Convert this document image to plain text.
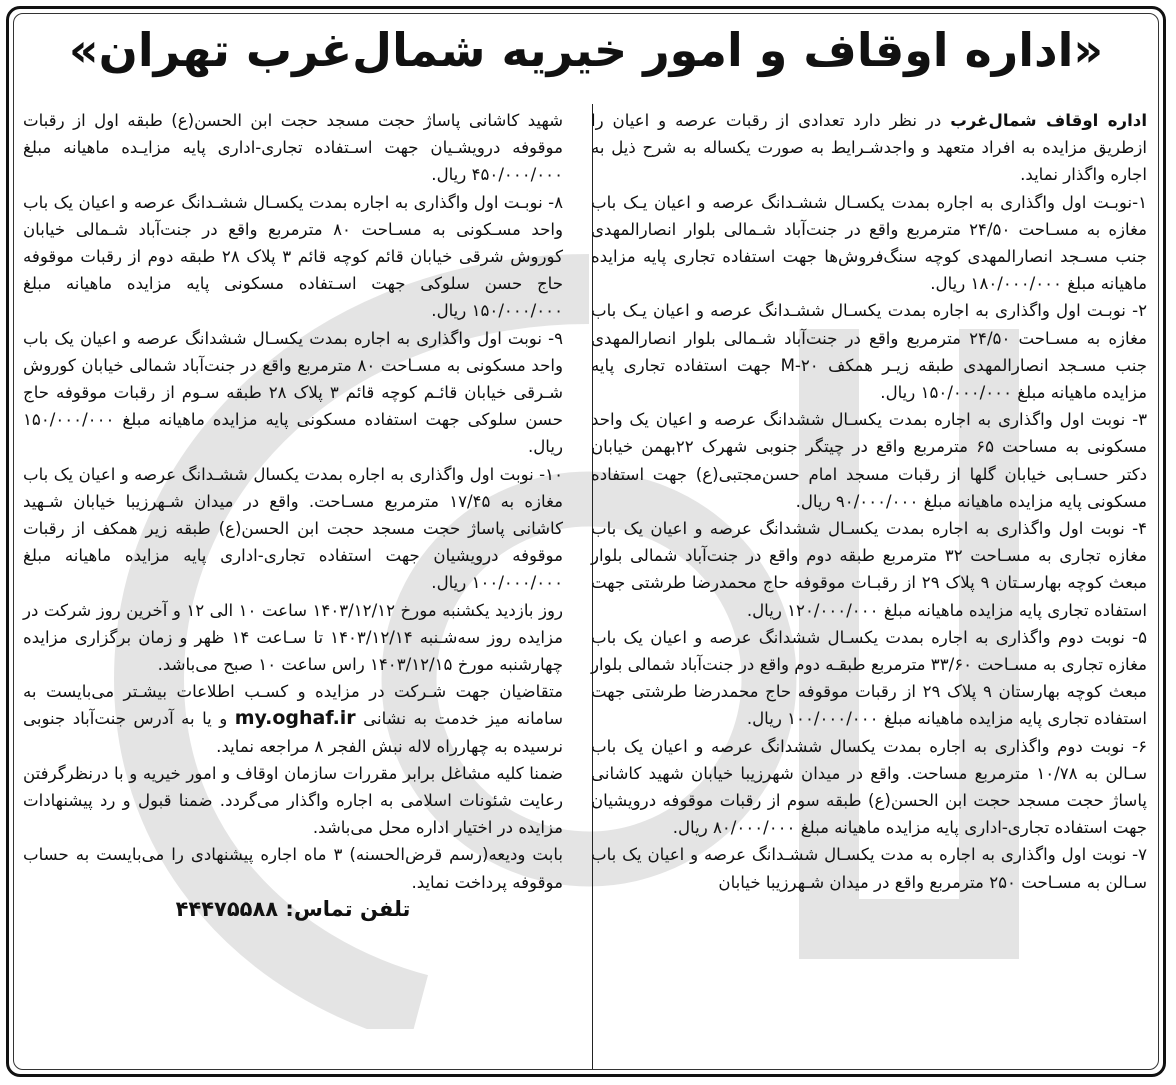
«اداره اوقاف و امور خیریه شمال‌غرب تهران»

اداره اوقاف شمال‌غرب در نظر دارد تعدادی از رقبات عرصه و اعیان را ازطریق مزایده به افراد متعهد و واجدشـرایط به صورت یکساله به شرح ذیل به اجاره واگذار نماید.

۱-نوبـت اول واگذاری به اجاره بمدت یکسـال ششـدانگ عرصه و اعیان یـک باب مغازه به مسـاحت ۲۴/۵۰ مترمربع واقع در جنت‌آباد شـمالی بلوار انصارالمهدی جنب مسـجد انصارالمهدی کوچه سنگ‌فروش‌ها جهت استفاده تجاری پایه مزایده ماهیانه مبلغ ۱۸۰/۰۰۰/۰۰۰ ریال.

۲- نوبـت اول واگذاری به اجاره بمدت یکسـال ششـدانگ عرصه و اعیان یـک باب مغازه به مسـاحت ۲۴/۵۰ مترمربع واقع در جنت‌آباد شـمالی بلوار انصارالمهدی جنب مسـجد انصارالمهدی طبقه زیـر همکف M-۲۰ جهت استفاده تجاری پایه مزایده ماهیانه مبلغ ۱۵۰/۰۰۰/۰۰۰ ریال.

۳- نوبت اول واگذاری به اجاره بمدت یکسـال ششدانگ عرصه و اعیان یک واحد مسکونی به مساحت ۶۵ مترمربع واقع در چیتگر جنوبی شهرک ۲۲بهمن خیابان دکتر حسـابی خیابان گلها از رقبات مسجد امام حسن‌مجتبی(ع) جهت استفاده مسکونی پایه مزایده ماهیانه مبلغ ۹۰/۰۰۰/۰۰۰ ریال.

۴- نوبت اول واگذاری به اجاره بمدت یکسـال ششدانگ عرصه و اعیان یک باب مغازه تجاری به مسـاحت ۳۲ مترمربع طبقه دوم واقع در جنت‌آباد شمالی بلوار مبعث کوچه بهارسـتان ۹ پلاک ۲۹ از رقبـات موقوفه حاج محمدرضا طرشتی جهت استفاده تجاری پایه مزایده ماهیانه مبلغ ۱۲۰/۰۰۰/۰۰۰ ریال.

۵- نوبت دوم واگذاری به اجاره بمدت یکسـال ششدانگ عرصه و اعیان یک باب مغازه تجاری به مسـاحت ۳۳/۶۰ مترمربع طبقـه دوم واقع در جنت‌آباد شمالی بلوار مبعث کوچه بهارستان ۹ پلاک ۲۹ از رقبات موقوفه حاج محمدرضا طرشتی جهت استفاده تجاری پایه مزایده ماهیانه مبلغ ۱۰۰/۰۰۰/۰۰۰ ریال.

۶- نوبت دوم واگذاری به اجاره بمدت یکسال ششدانگ عرصه و اعیان یک باب سـالن به ۱۰/۷۸ مترمربع مساحت. واقع در میدان شهرزیبا خیابان شهید کاشانی پاساژ حجت مسجد حجت ابن الحسن(ع) طبقه سوم از رقبات موقوفه درویشیان جهت استفاده تجاری-اداری پایه مزایده ماهیانه مبلغ ۸۰/۰۰۰/۰۰۰ ریال.

۷- نوبت اول واگذاری به اجاره به مدت یکسـال ششـدانگ عرصه و اعیان یک باب سـالن به مسـاحت ۲۵۰ مترمربع واقع در میدان شـهرزیبا خیابان

شهید کاشانی پاساژ حجت مسجد حجت ابن الحسن(ع) طبقه اول از رقبات موقوفه درویشـیان جهت اسـتفاده تجاری-اداری پایه مزایـده ماهیانه مبلغ ۴۵۰/۰۰۰/۰۰۰ ریال.

۸- نوبـت اول واگذاری به اجاره بمدت یکسـال ششـدانگ عرصه و اعیان یک باب واحد مسـکونی به مسـاحت ۸۰ مترمربع واقع در جنت‌آباد شـمالی خیابان کوروش شرقی خیابان قائم کوچه قائم ۳ پلاک ۲۸ طبقه دوم از رقبات موقوفه حاج حسن سلوکی جهت اسـتفاده مسکونی پایه مزایده ماهیانه مبلغ ۱۵۰/۰۰۰/۰۰۰ ریال.

۹- نوبت اول واگذاری به اجاره بمدت یکسـال ششدانگ عرصه و اعیان یک باب واحد مسکونی به مسـاحت ۸۰ مترمربع واقع در جنت‌آباد شمالی خیابان کوروش شـرقی خیابان قائـم کوچه قائم ۳ پلاک ۲۸ طبقه سـوم از رقبات موقوفه حاج حسن سلوکی جهت استفاده مسکونی پایه مزایده ماهیانه مبلغ ۱۵۰/۰۰۰/۰۰۰ ریال.

۱۰- نوبت اول واگذاری به اجاره بمدت یکسال ششـدانگ عرصه و اعیان یک باب مغازه به ۱۷/۴۵ مترمربع مسـاحت. واقع در میدان شـهرزیبا خیابان شـهید کاشانی پاساژ حجت مسجد حجت ابن الحسن(ع) طبقه زیر همکف از رقبات موقوفه درویشیان جهت استفاده تجاری-اداری پایه مزایده ماهیانه مبلغ ۱۰۰/۰۰۰/۰۰۰ ریال.

روز بازدید یکشنبه مورخ ۱۴۰۳/۱۲/۱۲ ساعت ۱۰ الی ۱۲ و آخرین روز شرکت در مزایده روز سه‌شـنبه ۱۴۰۳/۱۲/۱۴ تا سـاعت ۱۴ ظهر و زمان برگزاری مزایده چهارشنبه مورخ ۱۴۰۳/۱۲/۱۵ راس ساعت ۱۰ صبح می‌باشد.

متقاضیان جهت شـرکت در مزایده و کسـب اطلاعات بیشـتر می‌بایست به سامانه میز خدمت به نشانی my.oghaf.ir و یا به آدرس جنت‌آباد جنوبی نرسیده به چهارراه لاله نبش الفجر ۸ مراجعه نماید.

ضمنا کلیه مشاغل برابر مقررات سازمان اوقاف و امور خیریه و با درنظرگرفتن رعایت شئونات اسلامی به اجاره واگذار می‌گردد. ضمنا قبول و رد پیشنهادات مزایده در اختیار اداره محل می‌باشد.

بابت ودیعه(رسم قرض‌الحسنه) ۳ ماه اجاره پیشنهادی را می‌بایست به حساب موقوفه پرداخت نماید.

تلفن تماس: ۴۴۴۷۵۵۸۸
